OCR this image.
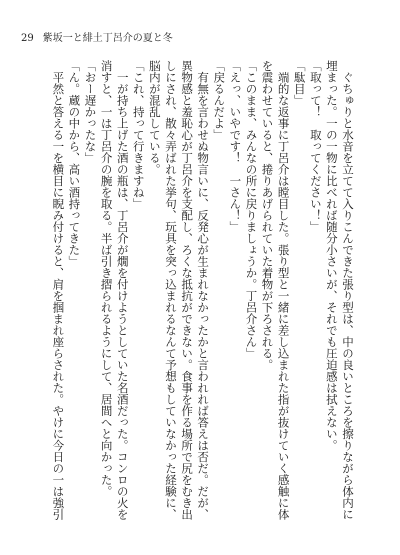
29 紫坂一と緋土丁呂介の夏と冬

　ぐちゅりと水音を立てて入りこんできた張り型は、中の良いところを擦りながら体内に

埋まった。一の一物に比べれば随分小さいが、それでも圧迫感は拭えない。

「取って！　取ってください！」

「駄目」

　端的な返事に丁呂介は瞠目した。張り型と一緒に差し込まれた指が抜けていく感触に体

を震わせていると、捲りあげられていた着物が下ろされる。

「このまま、みんなの所に戻りましょうか。丁呂介さん」

「えっ、いやです！　一さん！」

「戻るんだよ」

　有無を言わせぬ物言いに、反発心が生まれなかったかと言われれば答えは否だ。だが、

異物感と羞恥心が丁呂介を支配し、ろくな抵抗ができない。食事を作る場所で尻をむき出

しにされ、散々弄ばれた挙句、玩具を突っ込まれるなんて予想もしていなかった経験に、

脳内が混乱している。

「これ、持って行きますね」

　一が持ち上げた酒の瓶は、丁呂介が燗を付けようとしていた名酒だった。コンロの火を

消すと、一は丁呂介の腕を取る。半ば引き摺られるようにして、居間へと向かった。

「おー遅かったな」

「ん。蔵の中から、高い酒持ってきた」

　平然と答える一を横目に睨み付けると、肩を掴まれ座らされた。やけに今日の一は強引
